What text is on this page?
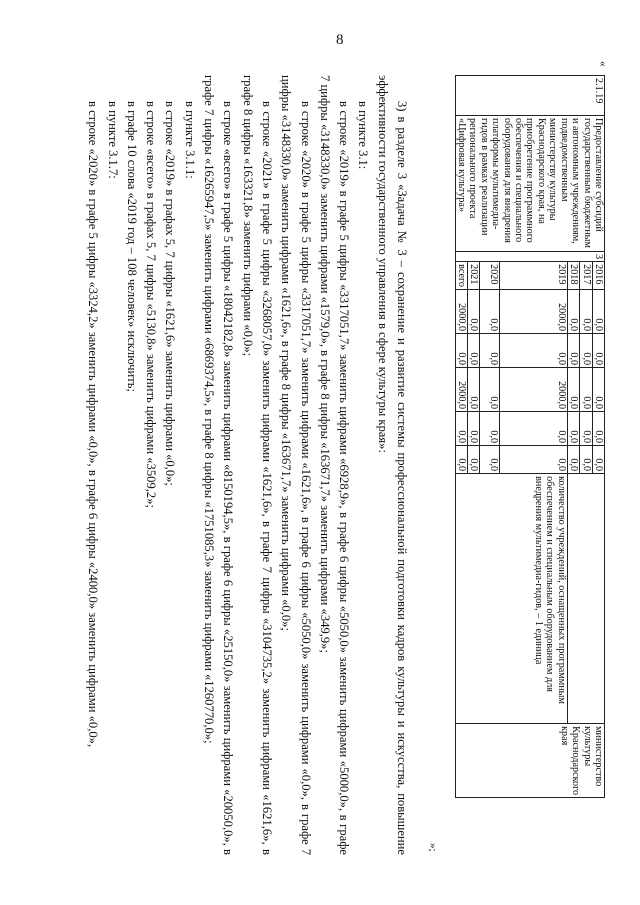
8
«
»;
2.1.19	Предоставление субсидий государственным бюджетным и автономным учреждениям, подведомственным министерству культуры Краснодарского края, на приобретение программного обеспечения и специального оборудования для внедрения платформы мультимедиа-гидов в рамках реализации регионального проекта «Цифровая культура»	3	2016	0,0	0,0	0,0	0,0	0,0		министерство культуры Краснодарского края
			2017	0,0	0,0	0,0	0,0	0,0		
			2018	0,0	0,0	0,0	0,0	0,0		
			2019	2000,0	0,0	2000,0	0,0	0,0	количество учреждений, оснащенных программным обеспечением и специальным оборудованием для внедрения мультимедиа-гидов, – 1 единица	
			2020	0,0	0,0	0,0	0,0	0,0		
			2021	0,0	0,0	0,0	0,0	0,0		
			всего	2000,0	0,0	2000,0	0,0	0,0		

3) в разделе 3 «Задача № 3 – сохранение и развитие системы профессиональной подготовки кадров культуры и искусства, повышение эффективности государственного управления в сфере культуры края»:

в пункте 3.1:

в строке «2019» в графе 5 цифры «3317051,7» заменить цифрами «6928,9», в графе 6 цифры «5050,0» заменить цифрами «5000,0», в графе 7 цифры «3148330,0» заменить цифрами «1579,0», в графе 8 цифры «163671,7» заменить цифрами «349,9»;

в строке «2020» в графе 5 цифры «3317051,7» заменить цифрами «1621,6», в графе 6 цифры «5050,0» заменить цифрами «0,0», в графе 7 цифры «3148330,0» заменить цифрами «1621,6», в графе 8 цифры «163671,7» заменить цифрами «0,0»;

в строке «2021» в графе 5 цифры «3268057,0» заменить цифрами «1621,6», в графе 7 цифры «3104735,2» заменить цифрами «1621,6», в графе 8 цифры «163321,8» заменить цифрами «0,0»;

в строке «всего» в графе 5 цифры «18042182,8» заменить цифрами «8150194,5», в графе 6 цифры «25150,0» заменить цифрами «20050,0», в графе 7 цифры «16265947,5» заменить цифрами «6869374,5», в графе 8 цифры «1751085,3» заменить цифрами «1260770,0»;

в пункте 3.1.1:

в строке «2019» в графах 5, 7 цифры «1621,6» заменить цифрами «0,0»;

в строке «всего» в графах 5, 7 цифры «5130,8» заменить цифрами «3509,2»;

в графе 10 слова «2019 год – 108 человек» исключить;

в пункте 3.1.7:

в строке «2020» в графе 5 цифры «3324,2» заменить цифрами «0,0», в графе 6 цифры «2400,0» заменить цифрами «0,0»,
